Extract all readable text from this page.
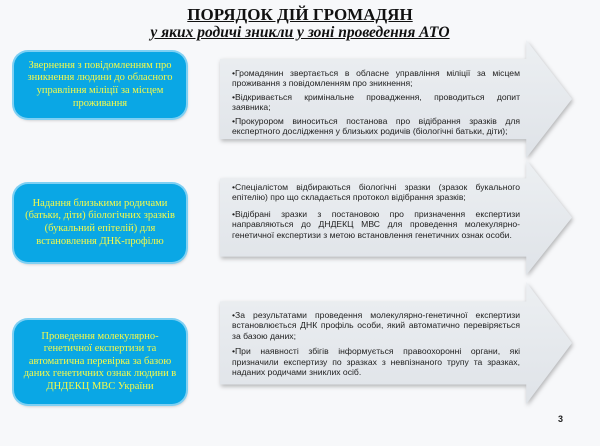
ПОРЯДОК ДІЙ ГРОМАДЯН
у яких родичі зникли у зоні проведення АТО

•Громадянин звертається в обласне управління міліції за місцем проживання з повідомленням про зникнення;

•Відкривається кримінальне провадження, проводиться допит заявника;

•Прокурором виноситься постанова про відібрання зразків для експертного дослідження у близьких родичів (біологічні батьки, діти);

Звернення з повідомленням про зникнення людини до обласного управління міліції за місцем проживання

•Спеціалістом відбираються біологічні зразки (зразок букального епітелію) про що складається протокол відібрання зразків;

•Відібрані зразки з постановою про призначення експертизи направляються до ДНДЕКЦ МВС для проведення молекулярно-генетичної експертизи з метою встановлення генетичних ознак особи.

Надання близькими родичами (батьки, діти) біологічних зразків
(букальний епітелій) для встановлення ДНК-профілю

•За результатами проведення молекулярно-генетичної експертизи встановлюється ДНК профіль особи, який автоматично перевіряється за базою даних;

•При наявності збігів інформується правоохоронні органи, які призначили експертизу по зразках з невпізнаного трупу та зразках, наданих родичами зниклих осіб.

Проведення молекулярно-генетичної експертизи та автоматична перевірка за базою даних генетичних ознак людини в ДНДЕКЦ МВС України
3
